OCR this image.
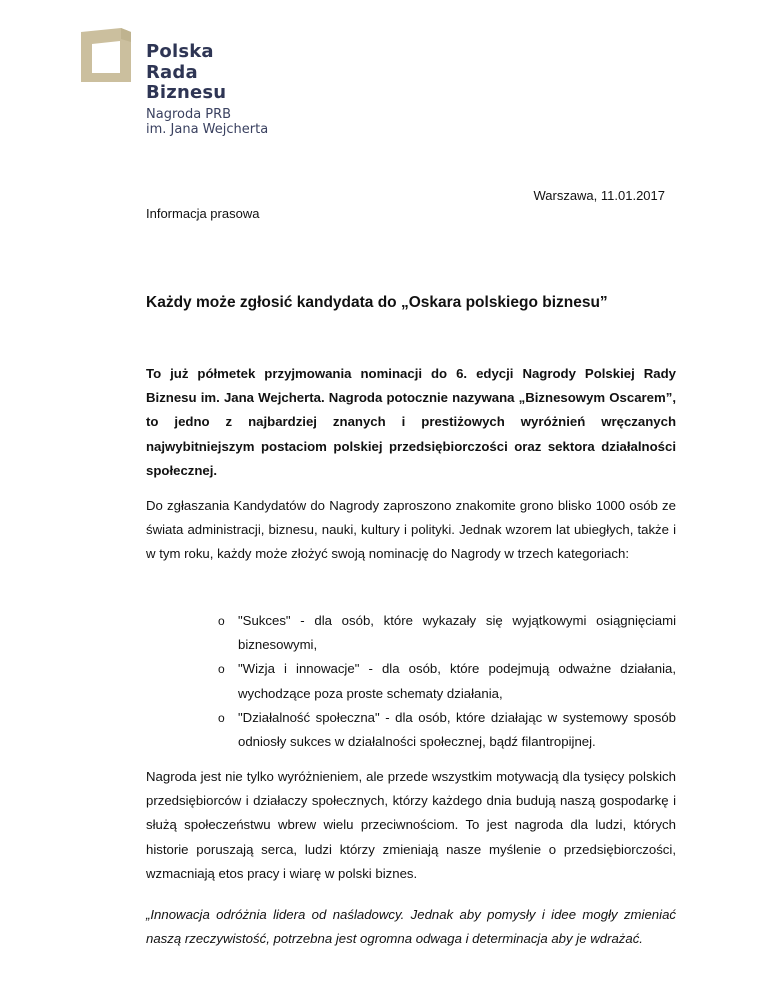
Polska
Rada
Biznesu
Nagroda PRB
im. Jana Wejcherta
Warszawa, 11.01.2017
Informacja prasowa
Każdy może zgłosić kandydata do „Oskara polskiego biznesu”

To już półmetek przyjmowania nominacji do 6. edycji Nagrody Polskiej Rady Biznesu im. Jana Wejcherta. Nagroda potocznie nazywana „Biznesowym Oscarem”, to jedno z najbardziej znanych i prestiżowych wyróżnień wręczanych najwybitniejszym postaciom polskiej przedsiębiorczości oraz sektora działalności społecznej.

Do zgłaszania Kandydatów do Nagrody zaproszono znakomite grono blisko 1000 osób ze świata administracji, biznesu, nauki, kultury i polityki. Jednak wzorem lat ubiegłych, także i w tym roku, każdy może złożyć swoją nominację do Nagrody w trzech kategoriach:

o "Sukces" - dla osób, które wykazały się wyjątkowymi osiągnięciami biznesowymi,
o "Wizja i innowacje" - dla osób, które podejmują odważne działania, wychodzące poza proste schematy działania,
o "Działalność społeczna" - dla osób, które działając w systemowy sposób odniosły sukces w działalności społecznej, bądź filantropijnej.

Nagroda jest nie tylko wyróżnieniem, ale przede wszystkim motywacją dla tysięcy polskich przedsiębiorców i działaczy społecznych, którzy każdego dnia budują naszą gospodarkę i służą społeczeństwu wbrew wielu przeciwnościom. To jest nagroda dla ludzi, których historie poruszają serca, ludzi którzy zmieniają nasze myślenie o przedsiębiorczości, wzmacniają etos pracy i wiarę w polski biznes.

„Innowacja odróżnia lidera od naśladowcy. Jednak aby pomysły i idee mogły zmieniać naszą rzeczywistość, potrzebna jest ogromna odwaga i determinacja aby je wdrażać.
